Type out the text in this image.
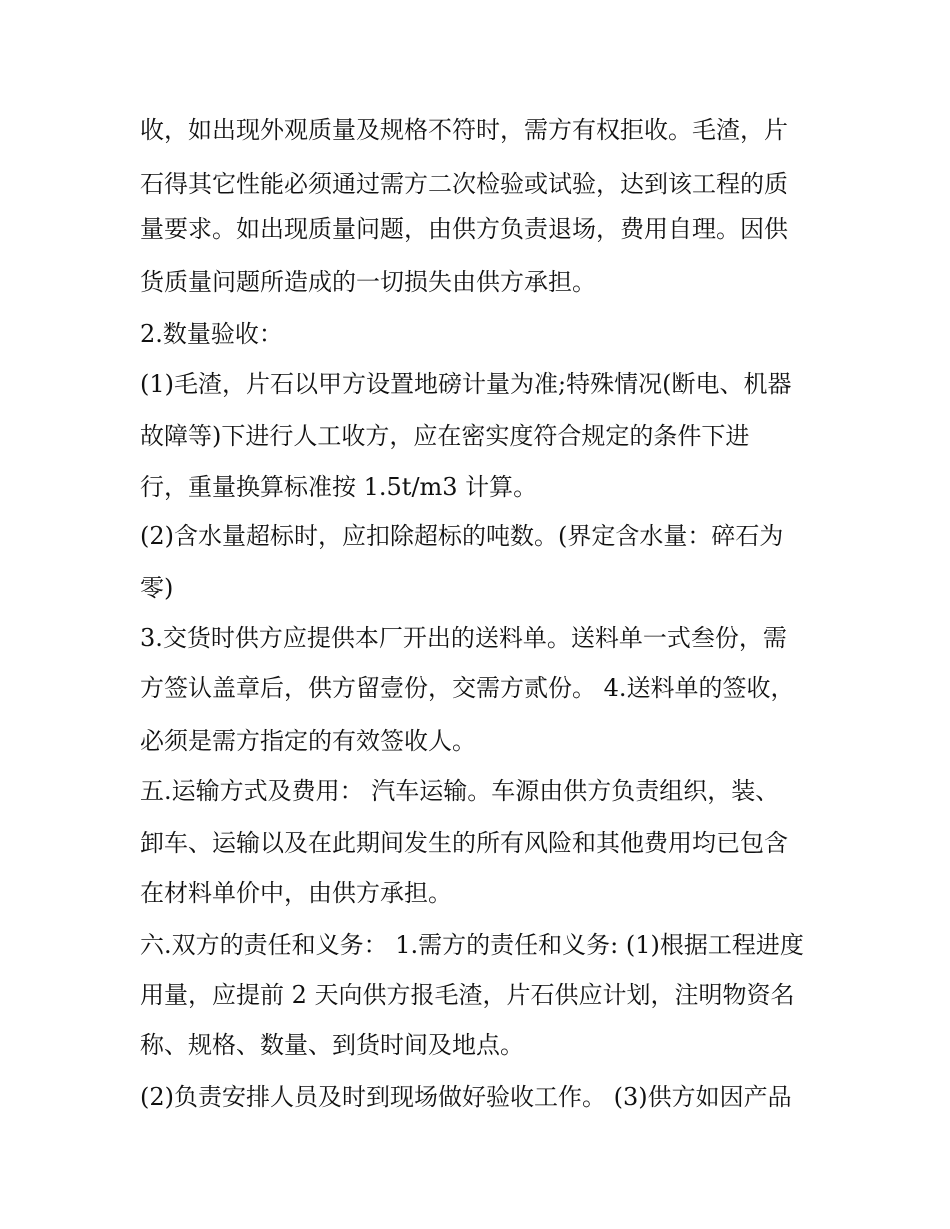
收，如出现外观质量及规格不符时，需方有权拒收。毛渣，片
石得其它性能必须通过需方二次检验或试验，达到该工程的质
量要求。如出现质量问题，由供方负责退场，费用自理。因供
货质量问题所造成的一切损失由供方承担。
2.数量验收：
(1)毛渣，片石以甲方设置地磅计量为准;特殊情况(断电、机器
故障等)下进行人工收方，应在密实度符合规定的条件下进
行，重量换算标准按 1.5t/m3 计算。
(2)含水量超标时，应扣除超标的吨数。(界定含水量：碎石为
零)
3.交货时供方应提供本厂开出的送料单。送料单一式叁份，需
方签认盖章后，供方留壹份，交需方贰份。 4.送料单的签收，
必须是需方指定的有效签收人。
五.运输方式及费用： 汽车运输。车源由供方负责组织，装、
卸车、运输以及在此期间发生的所有风险和其他费用均已包含
在材料单价中，由供方承担。
六.双方的责任和义务： 1.需方的责任和义务: (1)根据工程进度
用量，应提前 2 天向供方报毛渣，片石供应计划，注明物资名
称、规格、数量、到货时间及地点。
(2)负责安排人员及时到现场做好验收工作。 (3)供方如因产品
